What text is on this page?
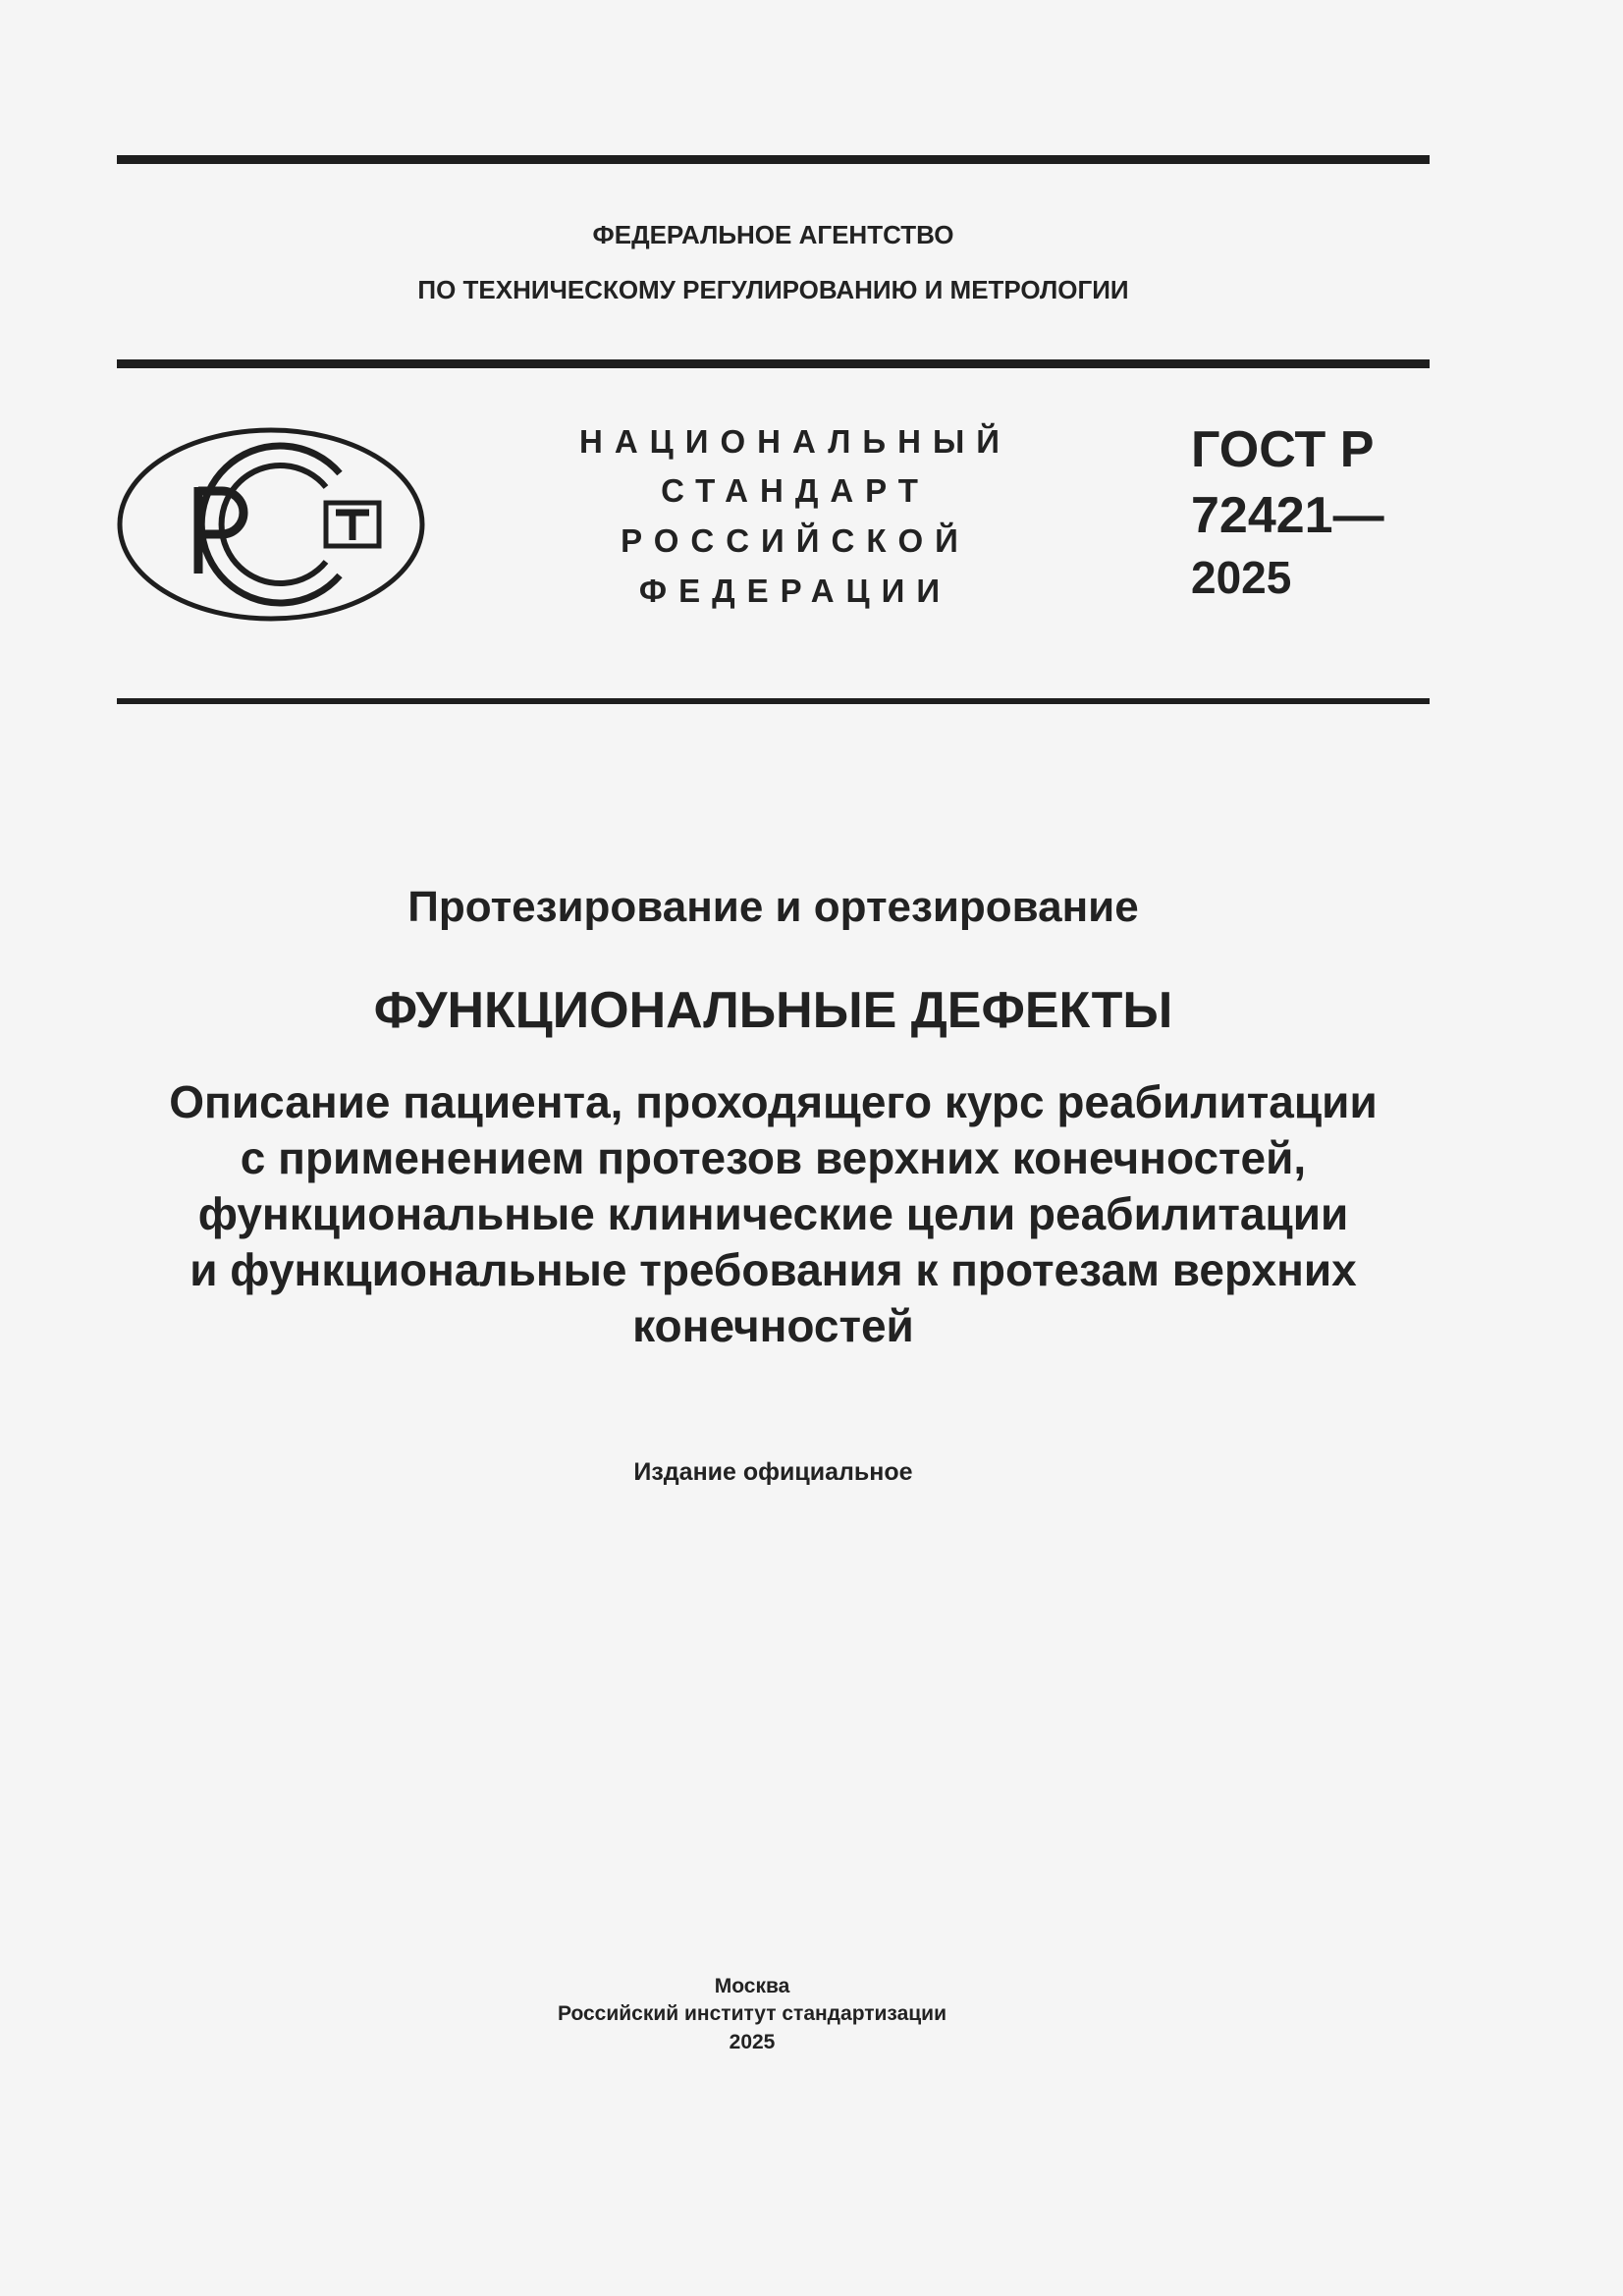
ФЕДЕРАЛЬНОЕ АГЕНТСТВО
ПО ТЕХНИЧЕСКОМУ РЕГУЛИРОВАНИЮ И МЕТРОЛОГИИ
НАЦИОНАЛЬНЫЙ
СТАНДАРТ
РОССИЙСКОЙ
ФЕДЕРАЦИИ
ГОСТ Р
72421—
2025
Протезирование и ортезирование
ФУНКЦИОНАЛЬНЫЕ ДЕФЕКТЫ
Описание пациента, проходящего курс реабилитации
с применением протезов верхних конечностей,
функциональные клинические цели реабилитации
и функциональные требования к протезам верхних
конечностей
Издание официальное
Москва
Российский институт стандартизации
2025
